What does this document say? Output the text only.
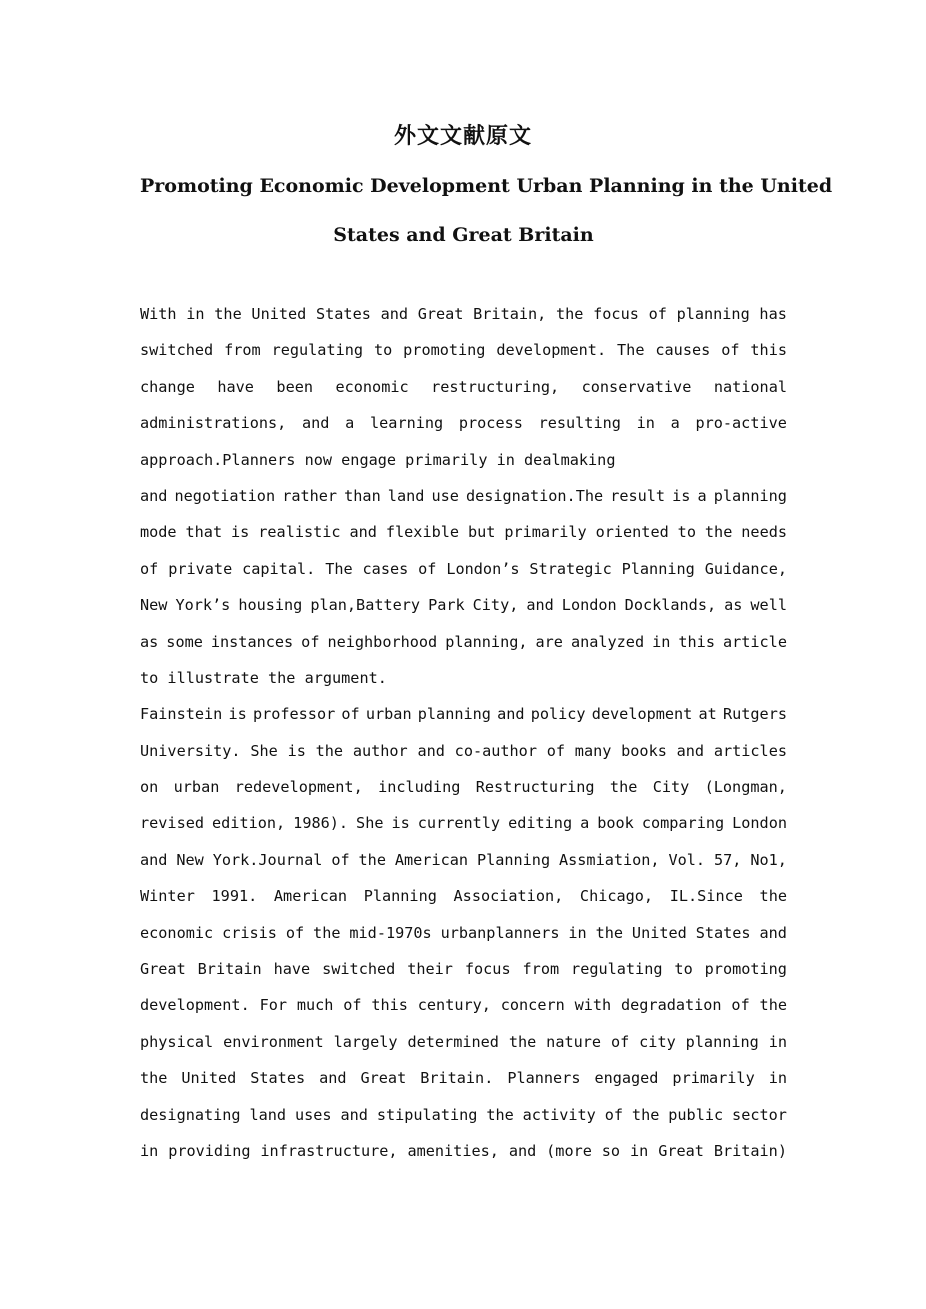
外文文献原文
Promoting Economic Development Urban Planning in the United
States and Great Britain
With in the United States and Great Britain, the focus of planning has
switched from regulating to promoting development. The causes of this
change have been economic restructuring, conservative national
administrations, and a learning process resulting in a pro-active
approach.Planners now engage primarily in dealmaking
and negotiation rather than land use designation.The result is a planning
mode that is realistic and flexible but primarily oriented to the needs
of private capital. The cases of London’s Strategic Planning Guidance,
New York’s housing plan,Battery Park City, and London Docklands, as well
as some instances of neighborhood planning, are analyzed in this article
to illustrate the argument.
Fainstein is professor of urban planning and policy development at Rutgers
University. She is the author and co-author of many books and articles
on urban redevelopment, including Restructuring the City (Longman,
revised edition, 1986). She is currently editing a book comparing London
and New York.Journal of the American Planning Assmiation, Vol. 57, No1,
Winter 1991. American Planning Association, Chicago, IL.Since the
economic crisis of the mid-1970s urbanplanners in the United States and
Great Britain have switched their focus from regulating to promoting
development. For much of this century, concern with degradation of the
physical environment largely determined the nature of city planning in
the United States and Great Britain. Planners engaged primarily in
designating land uses and stipulating the activity of the public sector
in providing infrastructure, amenities, and (more so in Great Britain)
